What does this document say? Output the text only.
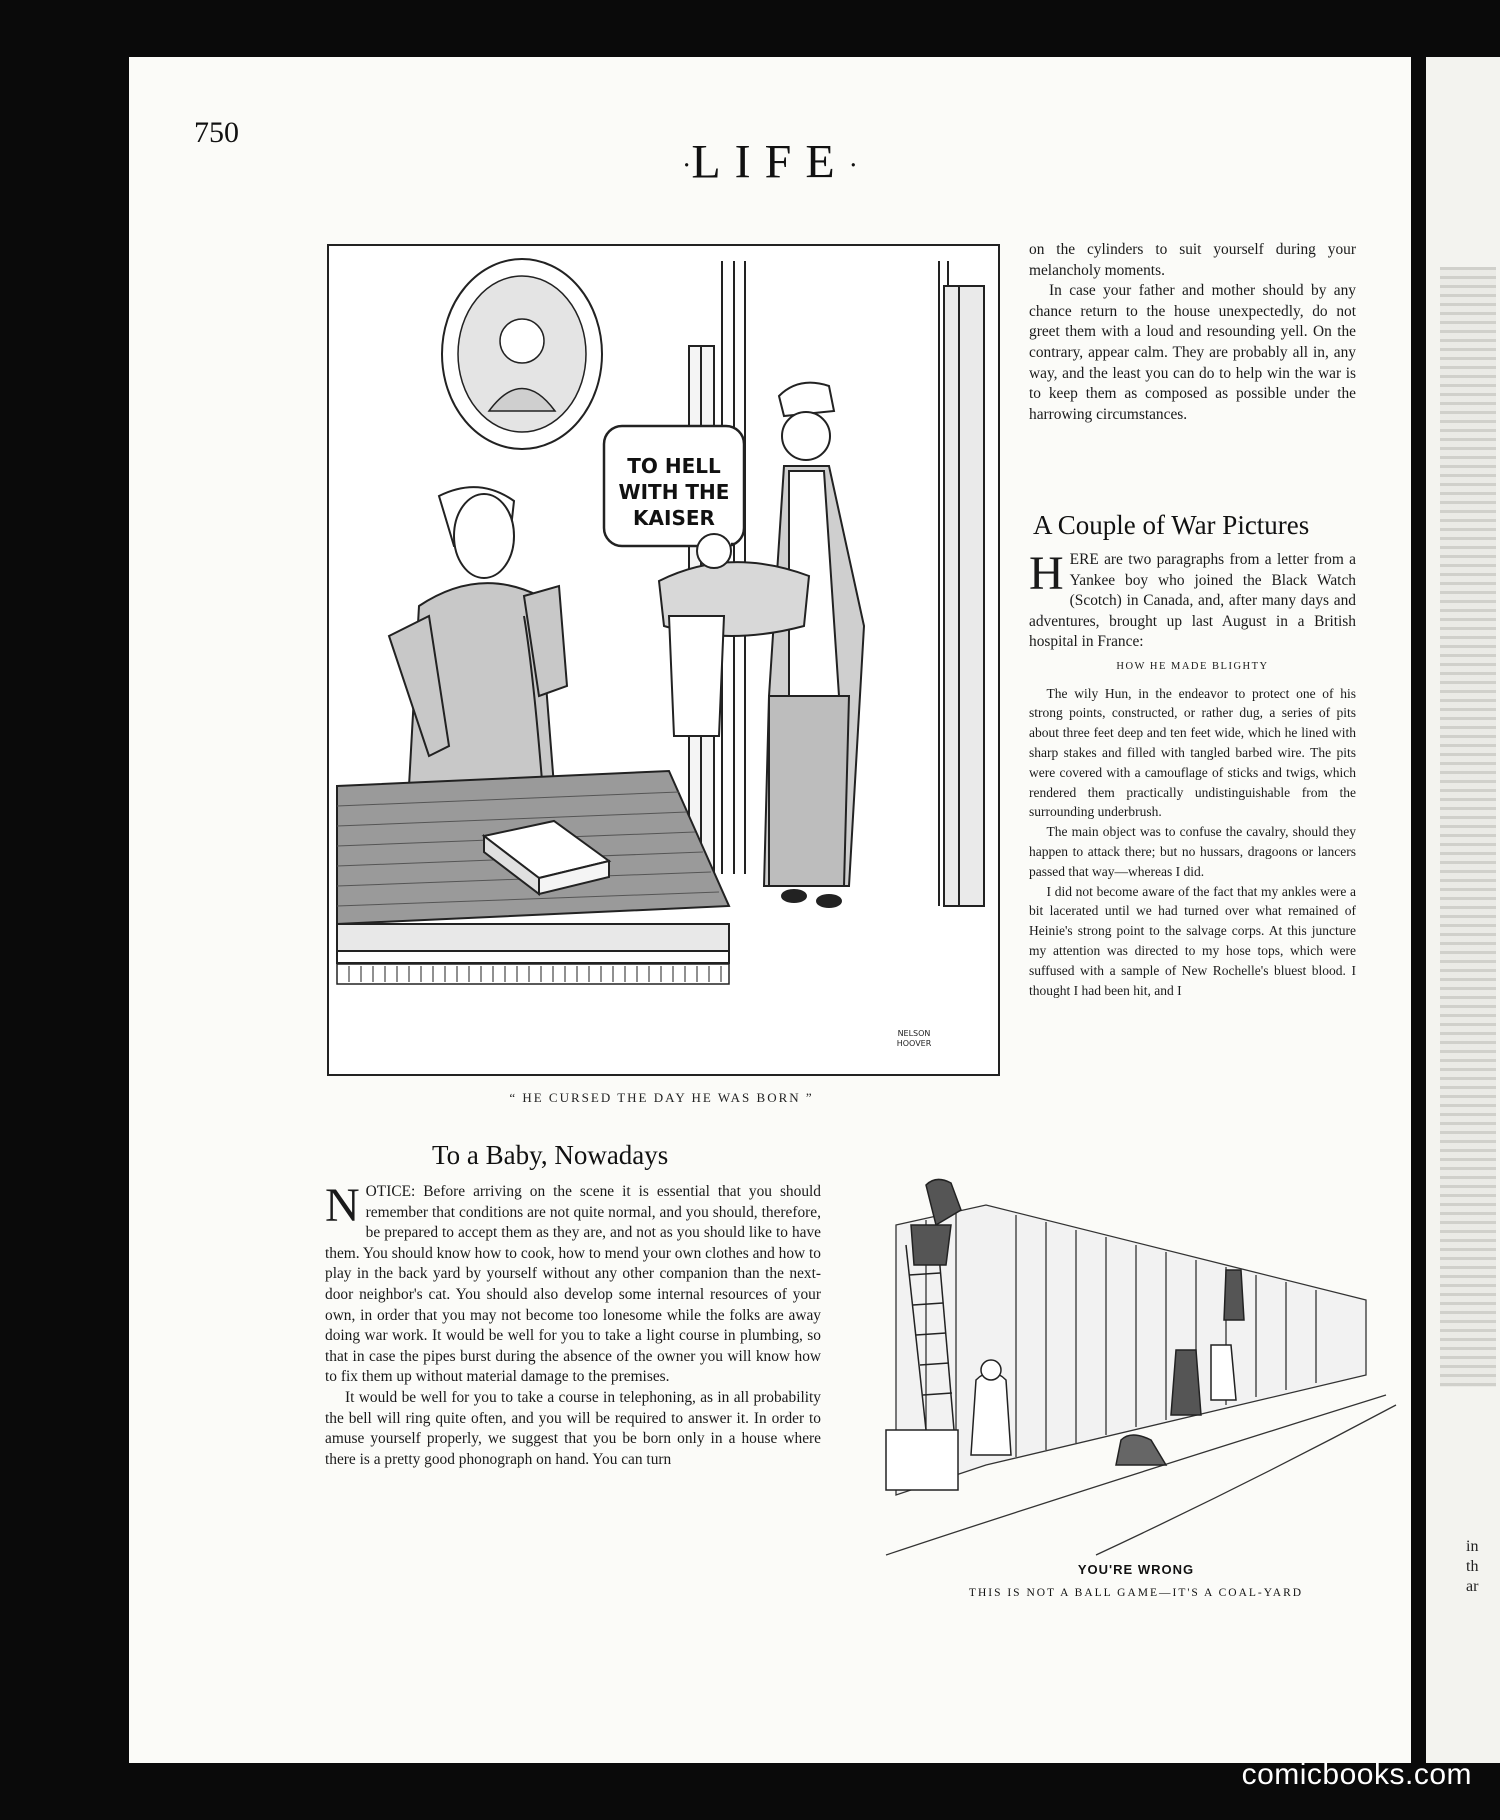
in
th
ar
750
·LIFE·
TO HELL
WITH THE
KAISER
NELSON
HOOVER
“ HE CURSED THE DAY HE WAS BORN ”
To a Baby, Nowadays

NOTICE: Before arriving on the scene it is essential that you should remember that conditions are not quite normal, and you should, therefore, be prepared to accept them as they are, and not as you should like to have them. You should know how to cook, how to mend your own clothes and how to play in the back yard by yourself without any other companion than the next-door neighbor's cat. You should also develop some internal resources of your own, in order that you may not become too lonesome while the folks are away doing war work. It would be well for you to take a light course in plumbing, so that in case the pipes burst during the absence of the owner you will know how to fix them up without material damage to the premises.

It would be well for you to take a course in telephoning, as in all probability the bell will ring quite often, and you will be required to answer it. In order to amuse yourself properly, we suggest that you be born only in a house where there is a pretty good phonograph on hand. You can turn

on the cylinders to suit yourself during your melancholy moments.

In case your father and mother should by any chance return to the house unexpectedly, do not greet them with a loud and resounding yell. On the contrary, appear calm. They are probably all in, any way, and the least you can do to help win the war is to keep them as composed as possible under the harrowing circumstances.

A Couple of War Pictures

HERE are two paragraphs from a letter from a Yankee boy who joined the Black Watch (Scotch) in Canada, and, after many days and adventures, brought up last August in a British hospital in France:

HOW HE MADE BLIGHTY

The wily Hun, in the endeavor to protect one of his strong points, constructed, or rather dug, a series of pits about three feet deep and ten feet wide, which he lined with sharp stakes and filled with tangled barbed wire. The pits were covered with a camouflage of sticks and twigs, which rendered them practically undistinguishable from the surrounding underbrush.

The main object was to confuse the cavalry, should they happen to attack there; but no hussars, dragoons or lancers passed that way—whereas I did.

I did not become aware of the fact that my ankles were a bit lacerated until we had turned over what remained of Heinie's strong point to the salvage corps. At this juncture my attention was directed to my hose tops, which were suffused with a sample of New Rochelle's bluest blood. I thought I had been hit, and I

YOU'RE WRONG
THIS IS NOT A BALL GAME—IT'S A COAL-YARD
comicbooks.com
